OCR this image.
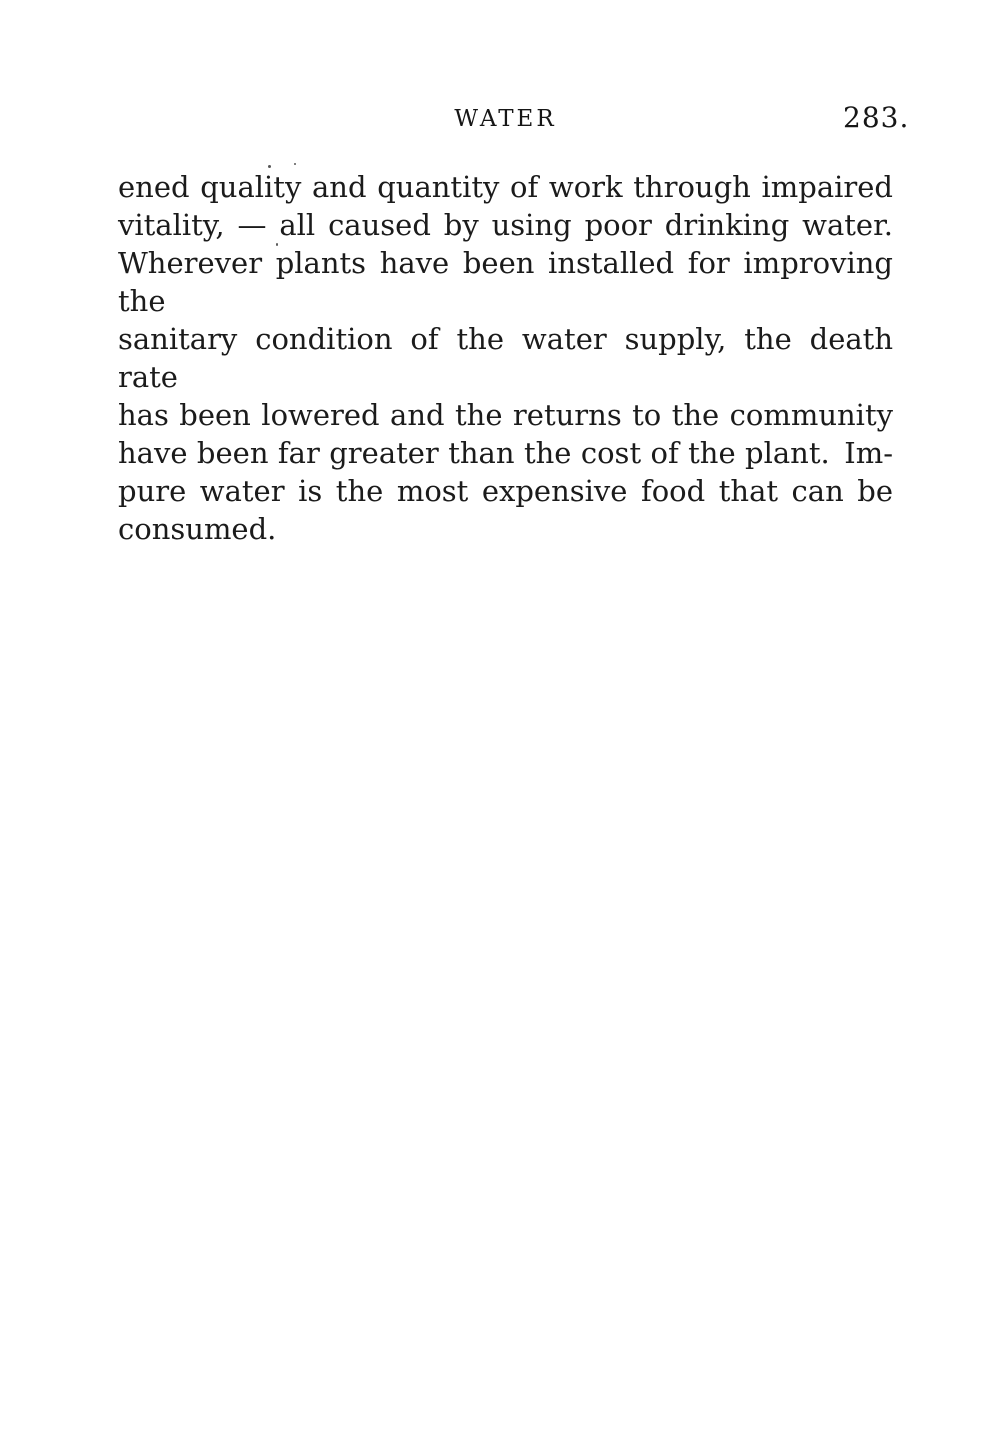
WATER	283.
ened quality and quantity of work through impaired
vitality, — all caused by using poor drinking water.
Wherever plants have been installed for improving the
sanitary condition of the water supply, the death rate
has been lowered and the returns to the community
have been far greater than the cost of the plant. Im-
pure water is the most expensive food that can be
consumed.
